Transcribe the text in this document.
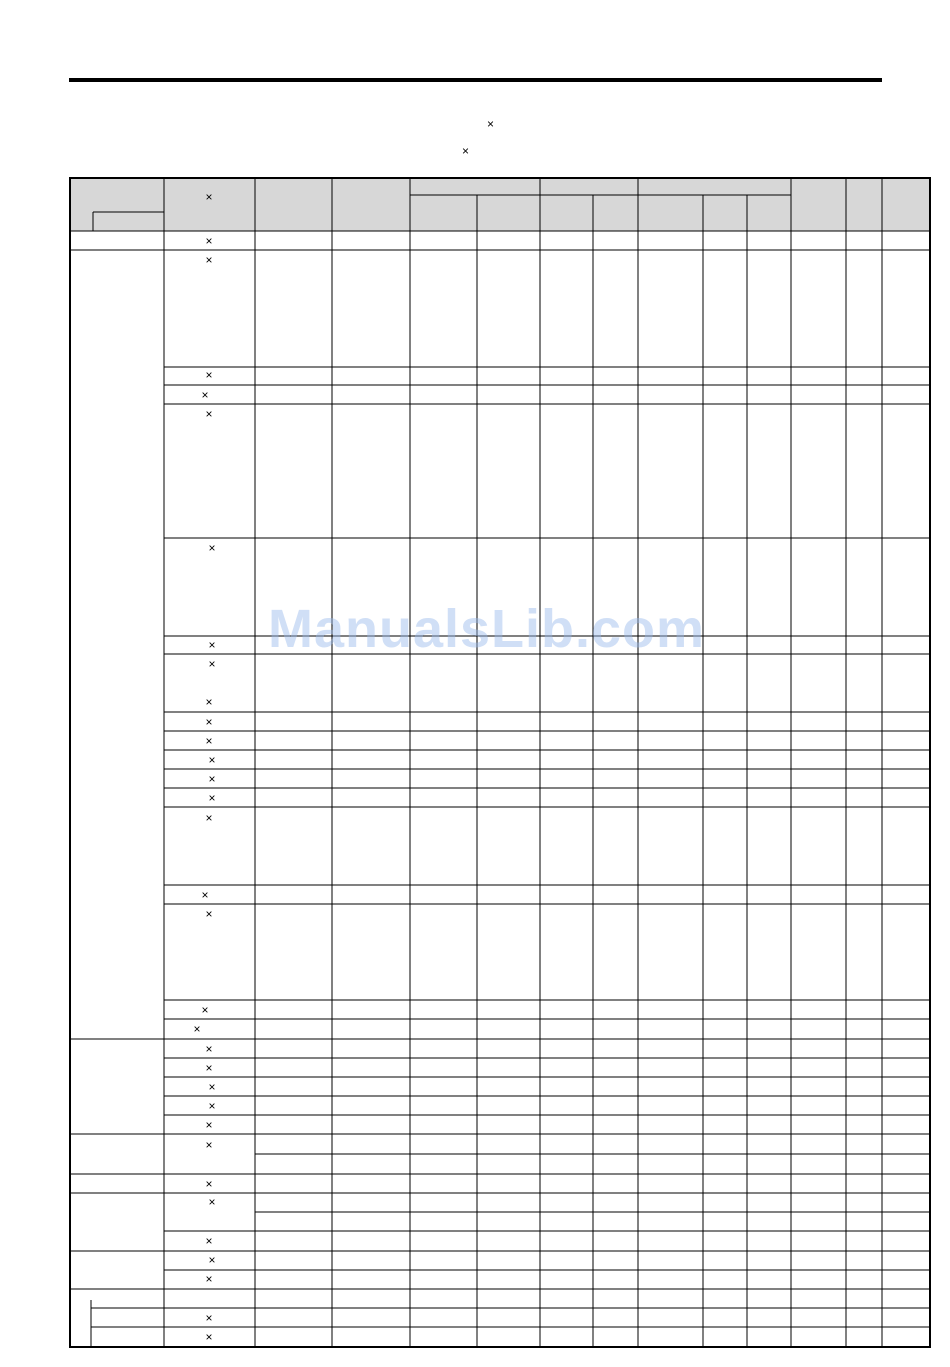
×
×
×
×
×
×
×
×
×
×
×
×
×
×
×
×
×
×
×
×
×
×
×
×
×
×
×
×
×
×
×
×
×
×
×
ManualsLib.com
